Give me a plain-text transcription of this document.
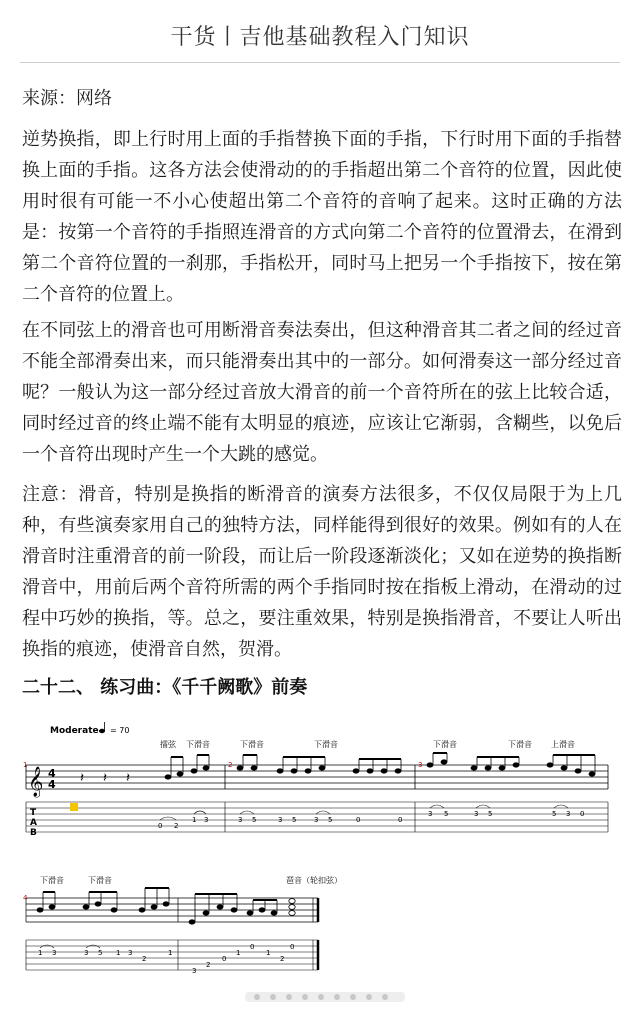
干货丨吉他基础教程入门知识
来源：网络

逆势换指，即上行时用上面的手指替换下面的手指，下行时用下面的手指替换上面的手指。这各方法会使滑动的的手指超出第二个音符的位置，因此使用时很有可能一不小心使超出第二个音符的音响了起来。这时正确的方法是：按第一个音符的手指照连滑音的方式向第二个音符的位置滑去，在滑到第二个音符位置的一刹那，手指松开，同时马上把另一个手指按下，按在第二个音符的位置上。

在不同弦上的滑音也可用断滑音奏法奏出，但这种滑音其二者之间的经过音不能全部滑奏出来，而只能滑奏出其中的一部分。如何滑奏这一部分经过音呢？一般认为这一部分经过音放大滑音的前一个音符所在的弦上比较合适，同时经过音的终止端不能有太明显的痕迹，应该让它渐弱，含糊些，以免后一个音符出现时产生一个大跳的感觉。

注意：滑音，特别是换指的断滑音的演奏方法很多，不仅仅局限于为上几种，有些演奏家用自己的独特方法，同样能得到很好的效果。例如有的人在滑音时注重滑音的前一阶段，而让后一阶段逐渐淡化；又如在逆势的换指断滑音中，用前后两个音符所需的两个手指同时按在指板上滑动，在滑动的过程中巧妙的换指，等。总之，要注重效果，特别是换指滑音，不要让人听出换指的痕迹，使滑音自然，贺滑。

二十二、 练习曲：《千千阙歌》前奏
Moderate = 70
擂弦 下滑音	下滑音	下滑音	下滑音	下滑音 上滑音
1	2	3
𝄞 4
4 𝄽 𝄽 𝄽
T
A
B
0 2
1 3	3 5	3 5	3 5	0	0
3 5	3 5	5 3 0
下滑音	下滑音	琶音（轮扣弦）
4
1 3	3 5 1 3
2
1
3
2
0
1
0
1
2
0
